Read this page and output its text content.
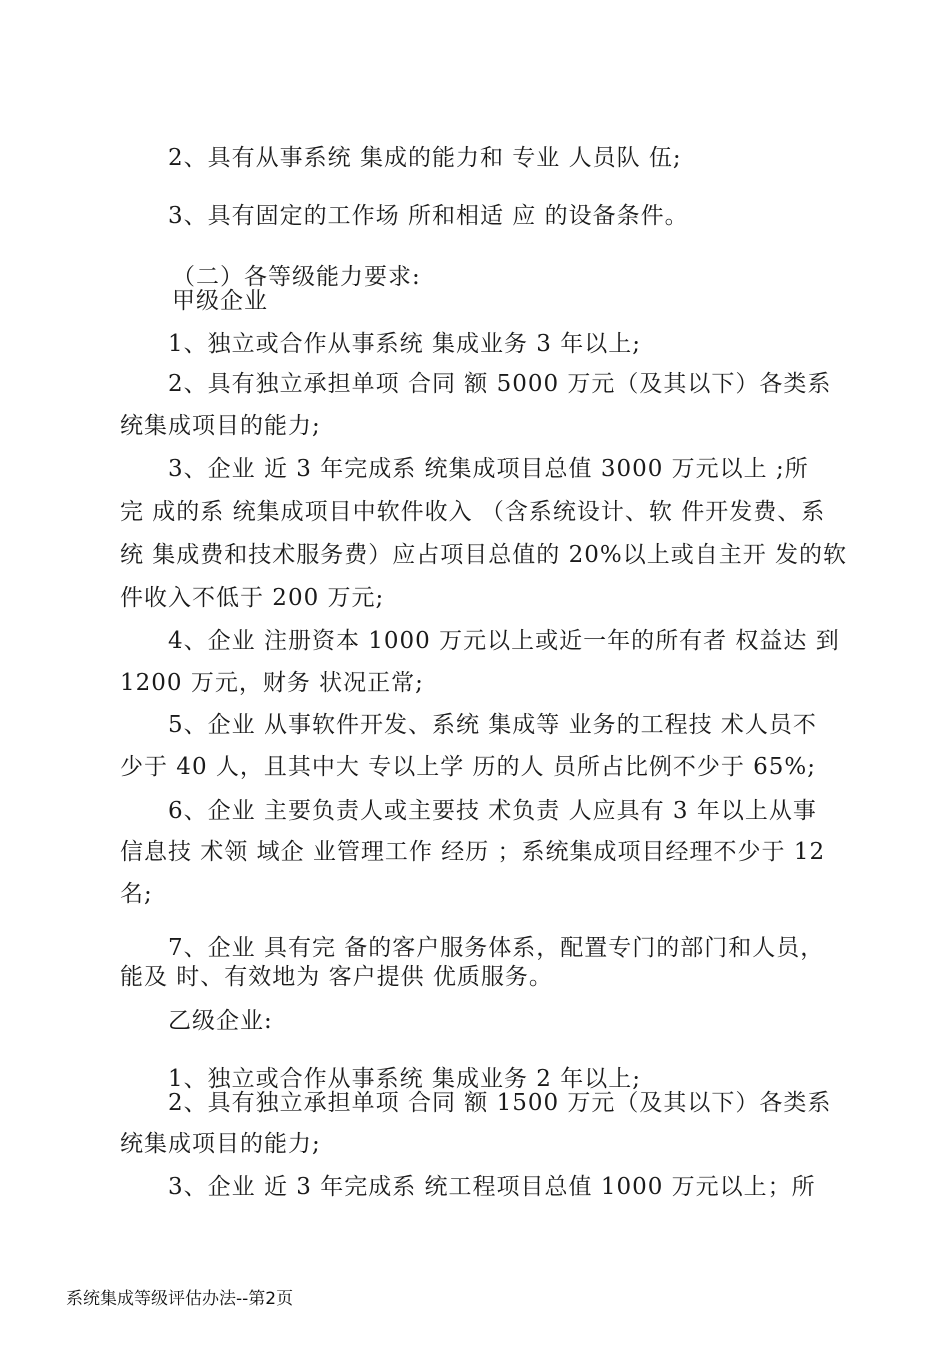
2、具有从事系统 集成的能力和 专业 人员队 伍;

3、具有固定的工作场 所和相适 应 的设备条件。

（二）各等级能力要求:

甲级企业

1、独立或合作从事系统 集成业务 3 年以上;

2、具有独立承担单项 合同 额 5000 万元（及其以下）各类系

统集成项目的能力;

3、企业 近 3 年完成系 统集成项目总值 3000 万元以上 ;所

完 成的系 统集成项目中软件收入 （含系统设计、软 件开发费、系

统 集成费和技术服务费）应占项目总值的 20%以上或自主开 发的软

件收入不低于 200 万元;

4、企业 注册资本 1000 万元以上或近一年的所有者 权益达 到

1200 万元，财务 状况正常;

5、企业 从事软件开发、系统 集成等 业务的工程技 术人员不

少于 40 人，且其中大 专以上学 历的人 员所占比例不少于 65%;

6、企业 主要负责人或主要技 术负责 人应具有 3 年以上从事

信息技 术领 域企 业管理工作 经历 ；系统集成项目经理不少于 12

名;

7、企业 具有完 备的客户服务体系，配置专门的部门和人员，

能及 时、有效地为 客户提供 优质服务。

乙级企业:

1、独立或合作从事系统 集成业务 2 年以上;

2、具有独立承担单项 合同 额 1500 万元（及其以下）各类系

统集成项目的能力;

3、企业 近 3 年完成系 统工程项目总值 1000 万元以上；所

系统集成等级评估办法--第2页
